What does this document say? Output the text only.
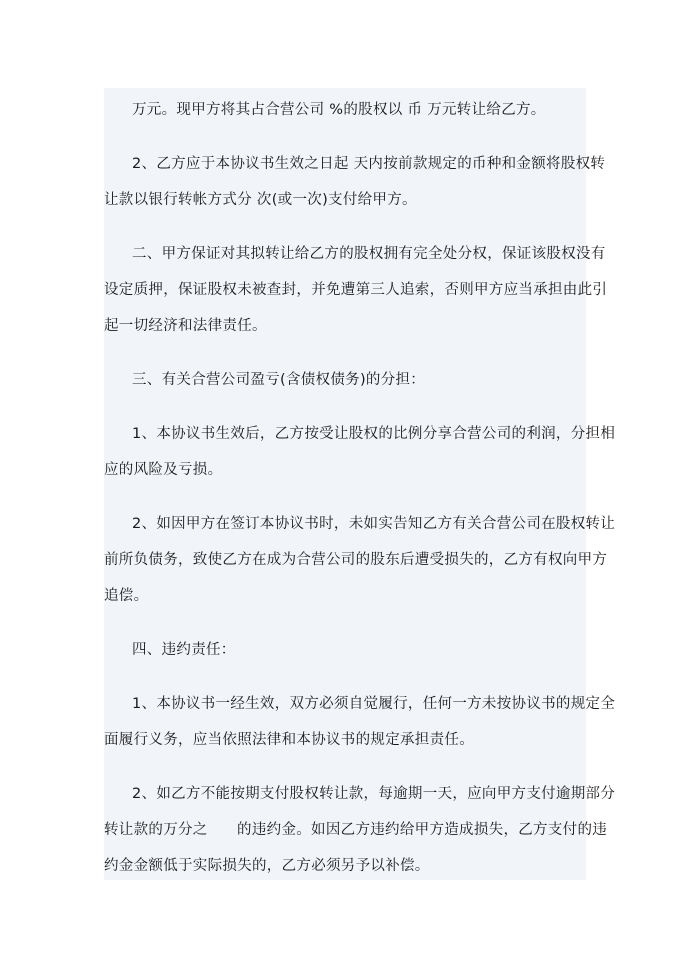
万元。现甲方将其占合营公司 %的股权以 币 万元转让给乙方。
2、乙方应于本协议书生效之日起 天内按前款规定的币种和金额将股权转
让款以银行转帐方式分 次(或一次)支付给甲方。
二、甲方保证对其拟转让给乙方的股权拥有完全处分权，保证该股权没有
设定质押，保证股权未被查封，并免遭第三人追索，否则甲方应当承担由此引
起一切经济和法律责任。
三、有关合营公司盈亏(含债权债务)的分担：
1、本协议书生效后，乙方按受让股权的比例分享合营公司的利润，分担相
应的风险及亏损。
2、如因甲方在签订本协议书时，未如实告知乙方有关合营公司在股权转让
前所负债务，致使乙方在成为合营公司的股东后遭受损失的，乙方有权向甲方
追偿。
四、违约责任：
1、本协议书一经生效，双方必须自觉履行，任何一方未按协议书的规定全
面履行义务，应当依照法律和本协议书的规定承担责任。
2、如乙方不能按期支付股权转让款，每逾期一天，应向甲方支付逾期部分
转让款的万分之      的违约金。如因乙方违约给甲方造成损失，乙方支付的违
约金金额低于实际损失的，乙方必须另予以补偿。
